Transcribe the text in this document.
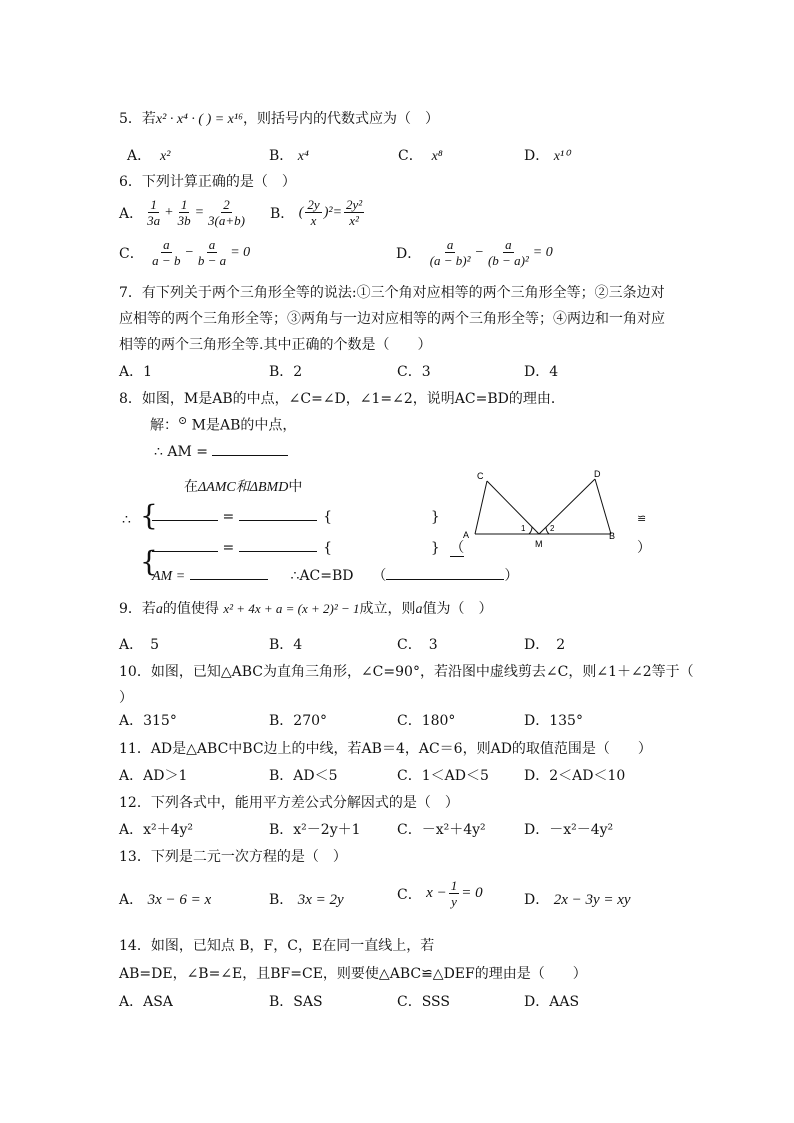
5．若x² · x⁴ · ( ) = x¹⁶，则括号内的代数式应为（　）
A． x²	B． x⁴	C． x⁸	D． x¹⁰
6．下列计算正确的是（　）
A．
1
3a
+ $\frac{1}{3b} = \frac{2}{3(a+b)}$ B．
( 2y
x
)$^2 = \frac{\text{2y²}}{\text{x²}}$
C．

a
a − b
− $\frac{a}{b - a} = 0$	D．

a
(a − b)²
− $\frac{a}{\text{(b − a)²}} = 0$
7．有下列关于两个三角形全等的说法:①三个角对应相等的两个三角形全等；②三条边对
应相等的两个三角形全等；③两角与一边对应相等的两个三角形全等；④两边和一角对应
相等的两个三角形全等.其中正确的个数是（　　）
A．1	B．2	C．3	D．4
8．如图，M是AB的中点，∠C=∠D，∠1=∠2，说明AC=BD的理由．
解：⊙ M是AB的中点，
∴ AM =
在ΔAMC和ΔBMD中
∴ {
{
=	{	}
=	{	} （
AM =	∴AC=BD （	）
C	D
A
M
B
1	2
≌
）
9．若a的值使得 x² + 4x + a = (x + 2)² − 1成立，则a值为（　）
A．　5	B．4	C．　3	D．　2
10．如图，已知△ABC为直角三角形，∠C=90°，若沿图中虚线剪去∠C，则∠1＋∠2等于（
）
A．315°	B．270°	C．180°	D．135°
11．AD是△ABC中BC边上的中线，若AB＝4，AC＝6，则AD的取值范围是（　　）
A．AD＞1	B．AD＜5	C．1＜AD＜5	D．2＜AD＜10
12．下列各式中，能用平方差公式分解因式的是（　）
A．x²＋4y²	B．x²－2y＋1	C．－x²＋4y²	D．－x²－4y²
13．下列是二元一次方程的是（　）
A． 3x − 6 = x	B． 3x = 2y	C．
$x - \frac{1}{y} = 0$	D． 2x − 3y = xy
14．如图，已知点 B，F，C，E在同一直线上，若
AB=DE，∠B=∠E，且BF=CE，则要使△ABC≌△DEF的理由是（　　）
A．ASA	B．SAS	C．SSS	D．AAS
